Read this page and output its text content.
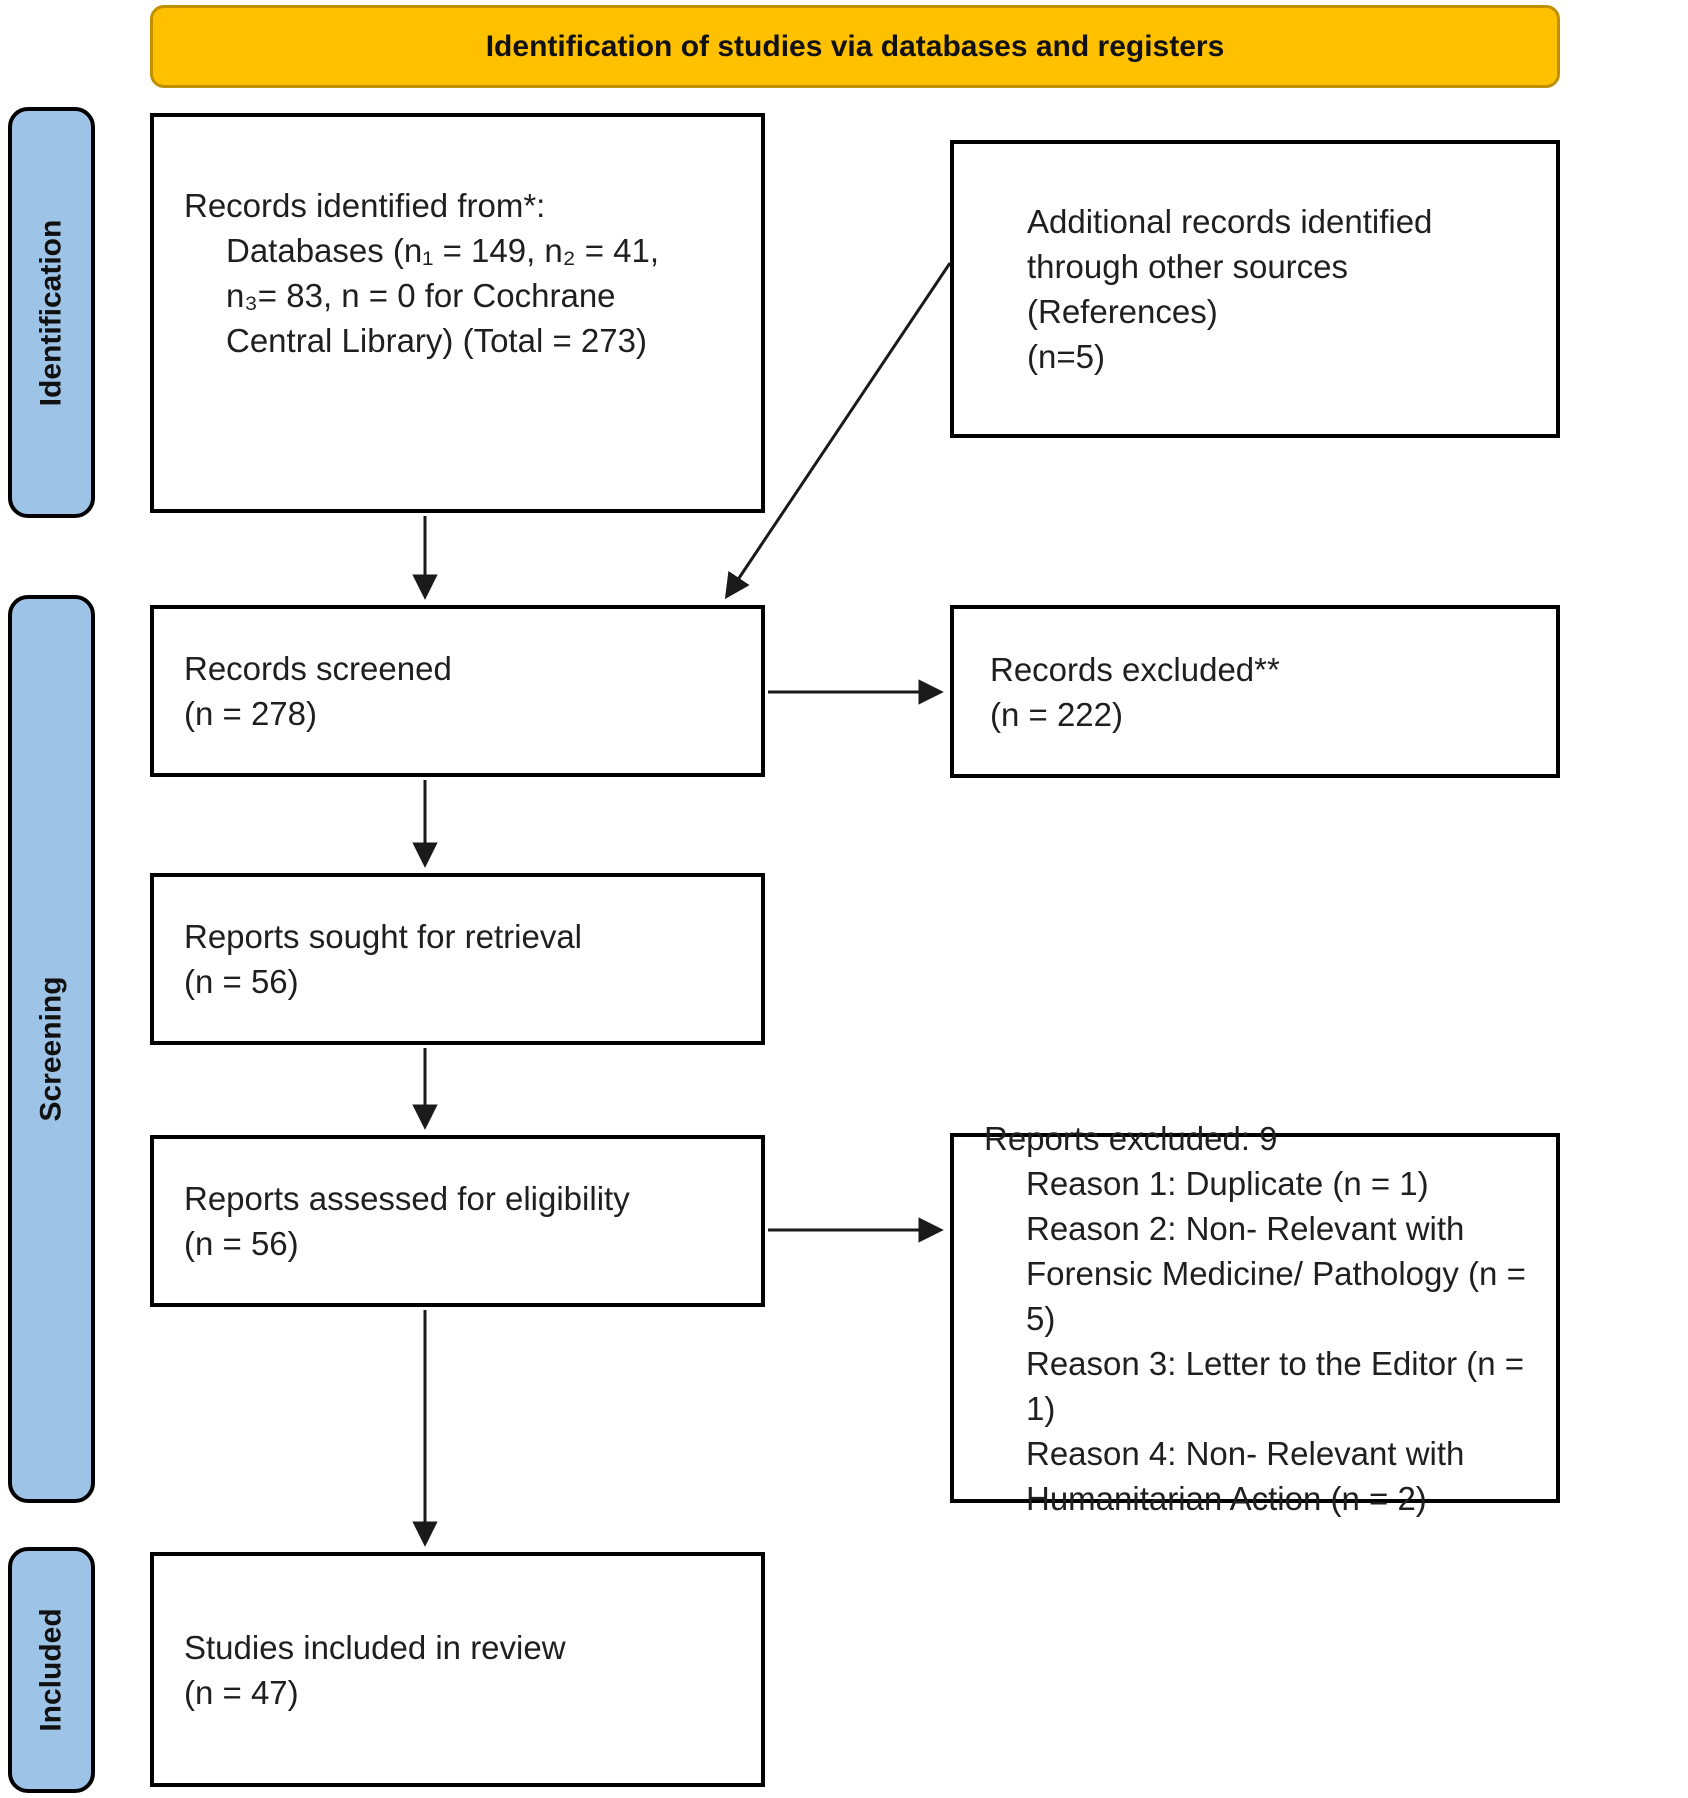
Identification of studies via databases and registers
Identification
Screening
Included
Records identified from*:
Databases (n₁ = 149, n₂ = 41,
n₃= 83, n = 0 for Cochrane
Central Library) (Total = 273)
Additional records identified
through other sources
(References)
(n=5)
Records screened
(n = 278)
Records excluded**
(n = 222)
Reports sought for retrieval
(n = 56)
Reports assessed for eligibility
(n = 56)
Reports excluded: 9
Reason 1: Duplicate (n = 1)
Reason 2: Non- Relevant with
Forensic Medicine/ Pathology (n = 5)
Reason 3: Letter to the Editor (n = 1)
Reason 4: Non- Relevant with
Humanitarian Action (n = 2)
Studies included in review
(n = 47)
